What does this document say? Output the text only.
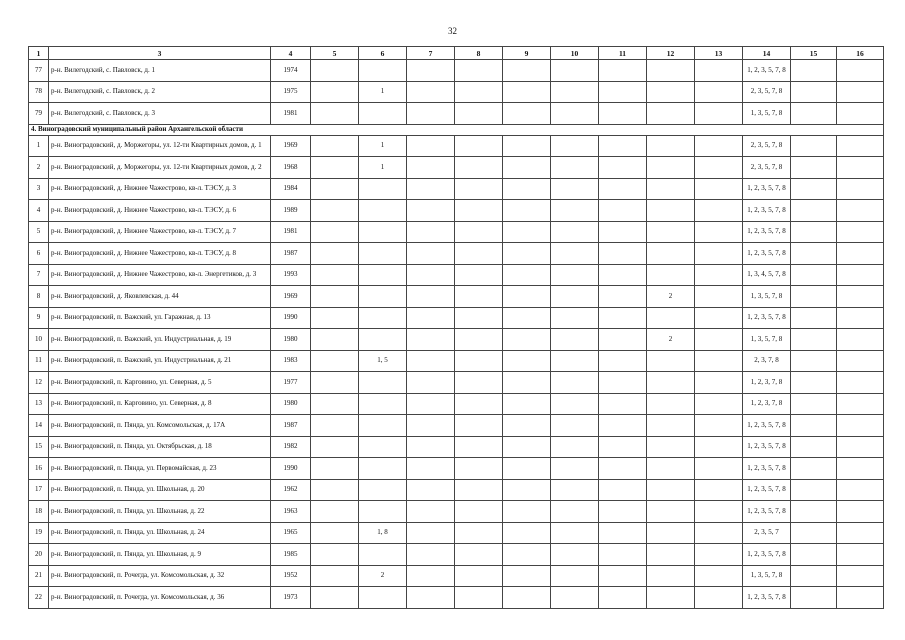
32
1	3	4	5	6	7	8	9	10	11	12	13	14	15	16
77	р-н. Вилегодский, с. Павловск, д. 1	1974										1, 2, 3, 5, 7, 8		
78	р-н. Вилегодский, с. Павловск, д. 2	1975		1								2, 3, 5, 7, 8		
79	р-н. Вилегодский, с. Павловск, д. 3	1981										1, 3, 5, 7, 8		
4. Виноградовский муниципальный район Архангельской области														
1	р-н. Виноградовский, д. Моржегоры, ул. 12-ти Квартирных домов, д. 1	1969		1								2, 3, 5, 7, 8		
2	р-н. Виноградовский, д. Моржегоры, ул. 12-ти Квартирных домов, д. 2	1968		1								2, 3, 5, 7, 8		
3	р-н. Виноградовский, д. Нижнее Чажестрово, кв-л. ТЭСУ, д. 3	1984										1, 2, 3, 5, 7, 8		
4	р-н. Виноградовский, д. Нижнее Чажестрово, кв-л. ТЭСУ, д. 6	1989										1, 2, 3, 5, 7, 8		
5	р-н. Виноградовский, д. Нижнее Чажестрово, кв-л. ТЭСУ, д. 7	1981										1, 2, 3, 5, 7, 8		
6	р-н. Виноградовский, д. Нижнее Чажестрово, кв-л. ТЭСУ, д. 8	1987										1, 2, 3, 5, 7, 8		
7	р-н. Виноградовский, д. Нижнее Чажестрово, кв-л. Энергетиков, д. 3	1993										1, 3, 4, 5, 7, 8		
8	р-н. Виноградовский, д. Яковлевская, д. 44	1969								2		1, 3, 5, 7, 8		
9	р-н. Виноградовский, п. Важский, ул. Гаражная, д. 13	1990										1, 2, 3, 5, 7, 8		
10	р-н. Виноградовский, п. Важский, ул. Индустриальная, д. 19	1980								2		1, 3, 5, 7, 8		
11	р-н. Виноградовский, п. Важский, ул. Индустриальная, д. 21	1983		1, 5								2, 3, 7, 8		
12	р-н. Виноградовский, п. Карговино, ул. Северная, д. 5	1977										1, 2, 3, 7, 8		
13	р-н. Виноградовский, п. Карговино, ул. Северная, д. 8	1980										1, 2, 3, 7, 8		
14	р-н. Виноградовский, п. Пянда, ул. Комсомольская, д. 17А	1987										1, 2, 3, 5, 7, 8		
15	р-н. Виноградовский, п. Пянда, ул. Октябрьская, д. 18	1982										1, 2, 3, 5, 7, 8		
16	р-н. Виноградовский, п. Пянда, ул. Первомайская, д. 23	1990										1, 2, 3, 5, 7, 8		
17	р-н. Виноградовский, п. Пянда, ул. Школьная, д. 20	1962										1, 2, 3, 5, 7, 8		
18	р-н. Виноградовский, п. Пянда, ул. Школьная, д. 22	1963										1, 2, 3, 5, 7, 8		
19	р-н. Виноградовский, п. Пянда, ул. Школьная, д. 24	1965		1, 8								2, 3, 5, 7		
20	р-н. Виноградовский, п. Пянда, ул. Школьная, д. 9	1985										1, 2, 3, 5, 7, 8		
21	р-н. Виноградовский, п. Рочегда, ул. Комсомольская, д. 32	1952		2								1, 3, 5, 7, 8		
22	р-н. Виноградовский, п. Рочегда, ул. Комсомольская, д. 36	1973										1, 2, 3, 5, 7, 8		
